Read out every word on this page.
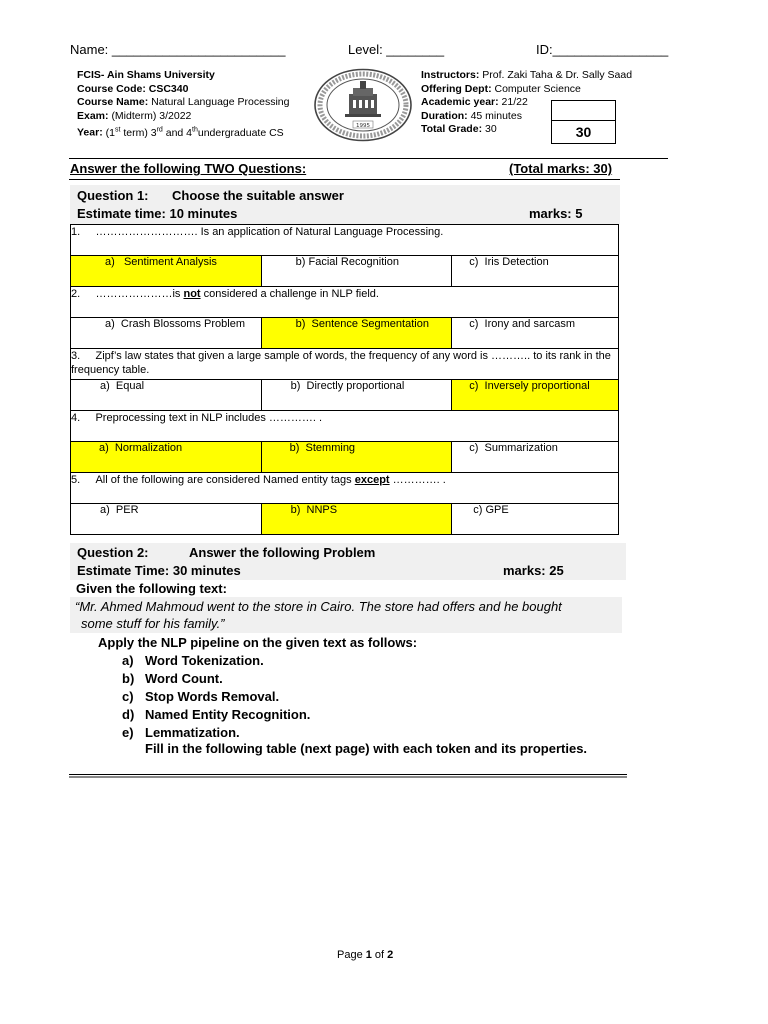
Name: ________________________	Level: ________	ID:________________
FCIS- Ain Shams University
Course Code: CSC340
Course Name: Natural Language Processing
Exam: (Midterm) 3/2022
Year: (1st term) 3rd and 4thundergraduate CS
1995
Instructors: Prof. Zaki Taha & Dr. Sally Saad
Offering Dept: Computer Science
Academic year: 21/22
Duration: 45 minutes
Total Grade: 30	30
Answer the following TWO Questions:	(Total marks: 30)
Question 1: Choose the suitable answer
Estimate time: 10 minutes	marks: 5
1. ………………………. Is an application of Natural Language Processing.		
a)   Sentiment Analysis	b) Facial Recognition	c)  Iris Detection
2. …………………is not considered a challenge in NLP field.		
a)  Crash Blossoms Problem	b)  Sentence Segmentation	c)  Irony and sarcasm
3. Zipf’s law states that given a large sample of words, the frequency of any word is ……….. to its rank in the frequency table.		
a)  Equal	b)  Directly proportional	c)  Inversely proportional
4. Preprocessing text in NLP includes …………. .		
a)  Normalization	b)  Stemming	c)  Summarization
5. All of the following are considered Named entity tags except …………. .		
a)  PER	b)  NNPS	c) GPE
Question 2:	Answer the following Problem
Estimate Time: 30 minutes	marks: 25
Given the following text:
“Mr. Ahmed Mahmoud went to the store in Cairo. The store had offers and he bought
some stuff for his family.”
Apply the NLP pipeline on the given text as follows:
a) Word Tokenization.
b) Word Count.
c) Stop Words Removal.
d) Named Entity Recognition.
e) Lemmatization.
Fill in the following table (next page) with each token and its properties.
Page 1 of 2
